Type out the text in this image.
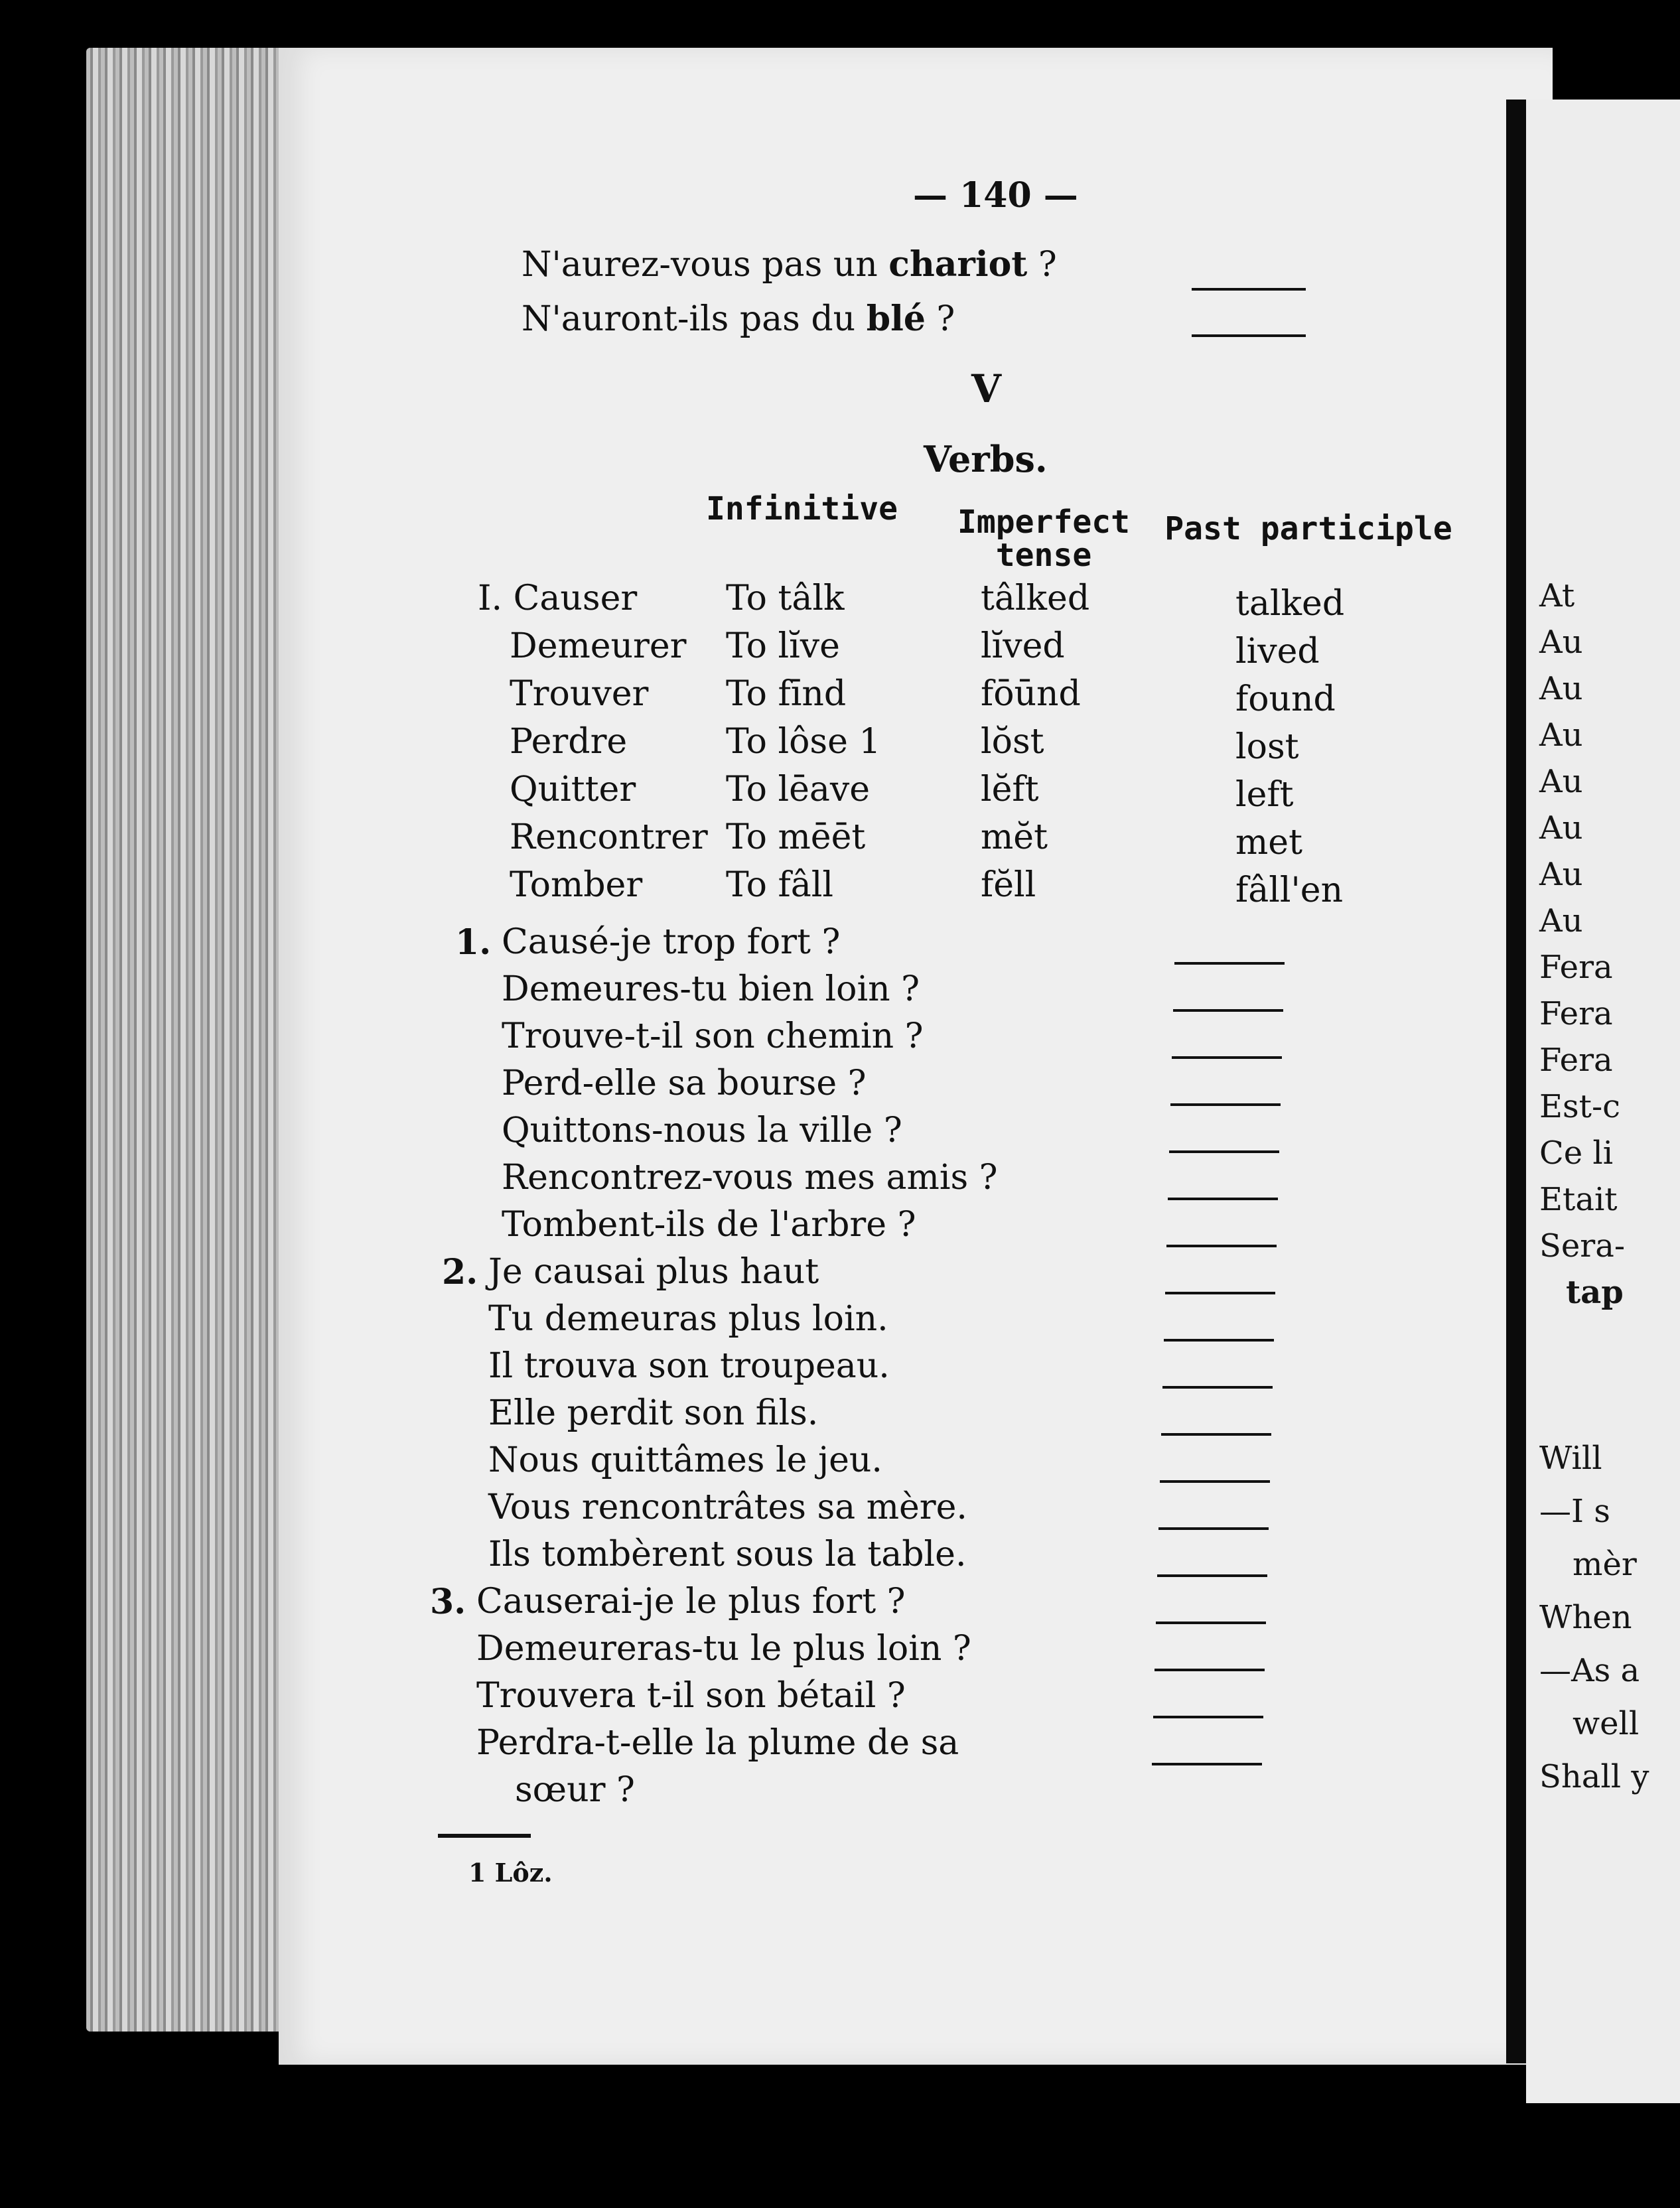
At
Au
Au
Au
Au
Au
Au
Au
Fera
Fera
Fera
Est-c
Ce li
Etait
Sera-
tap
Will
—I s
mèr
When
—As a
well
Shall y
— 140 —
N'aurez-vous pas un chariot ?
N'auront-ils pas du blé ?
V
Verbs.
Infinitive	Imperfect
tense
Past participle
I. Causer	To tâlk	tâlked	talked
Demeurer To lĭve	lĭved	lived
Trouver To fīnd	fōūnd	found
Perdre	To lôse 1	lŏst	lost
Quitter	To lēave	lĕft	left
Rencontrer To mēēt	mĕt	met
Tomber To fâll	fĕll	fâll'en
Causé-je trop fort ?
1.
Demeures-tu bien loin ?
Trouve-t-il son chemin ?
Perd-elle sa bourse ?
Quittons-nous la ville ?
Rencontrez-vous mes amis ?
Tombent-ils de l'arbre ?
Je causai plus haut
2.
Tu demeuras plus loin.
Il trouva son troupeau.
Elle perdit son fils.
Nous quittâmes le jeu.
Vous rencontrâtes sa mère.
Ils tombèrent sous la table.
Causerai-je le plus fort ?
3.
Demeureras-tu le plus loin ?
Trouvera t-il son bétail ?
Perdra-t-elle la plume de sa
sœur ?
1 Lôz.
